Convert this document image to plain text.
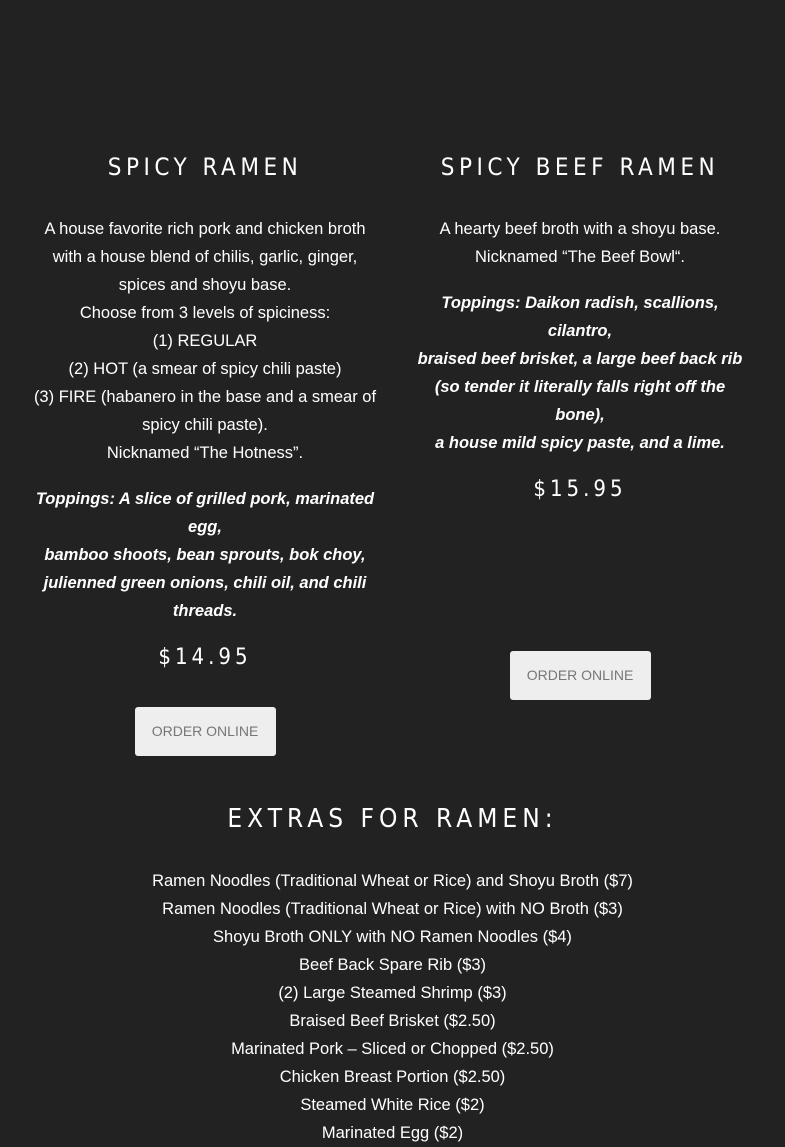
SPICY RAMEN
A house favorite rich pork and chicken broth
with a house blend of chilis, garlic, ginger,
spices and shoyu base.
Choose from 3 levels of spiciness:
(1) REGULAR
(2) HOT (a smear of spicy chili paste)
(3) FIRE (habanero in the base and a smear of
spicy chili paste).
Nicknamed “The Hotness”.
Toppings: A slice of grilled pork, marinated
egg,
bamboo shoots, bean sprouts, bok choy,
julienned green onions, chili oil, and chili
threads.
$14.95
ORDER ONLINE
SPICY BEEF RAMEN
A hearty beef broth with a shoyu base.
Nicknamed “The Beef Bowl“.
Toppings: Daikon radish, scallions,
cilantro,
braised beef brisket, a large beef back rib
(so tender it literally falls right off the
bone),
a house mild spicy paste, and a lime.
$15.95
ORDER ONLINE
EXTRAS FOR RAMEN:
Ramen Noodles (Traditional Wheat or Rice) and Shoyu Broth ($7)
Ramen Noodles (Traditional Wheat or Rice) with NO Broth ($3)
Shoyu Broth ONLY with NO Ramen Noodles ($4)
Beef Back Spare Rib ($3)
(2) Large Steamed Shrimp ($3)
Braised Beef Brisket ($2.50)
Marinated Pork – Sliced or Chopped ($2.50)
Chicken Breast Portion ($2.50)
Steamed White Rice ($2)
Marinated Egg ($2)
